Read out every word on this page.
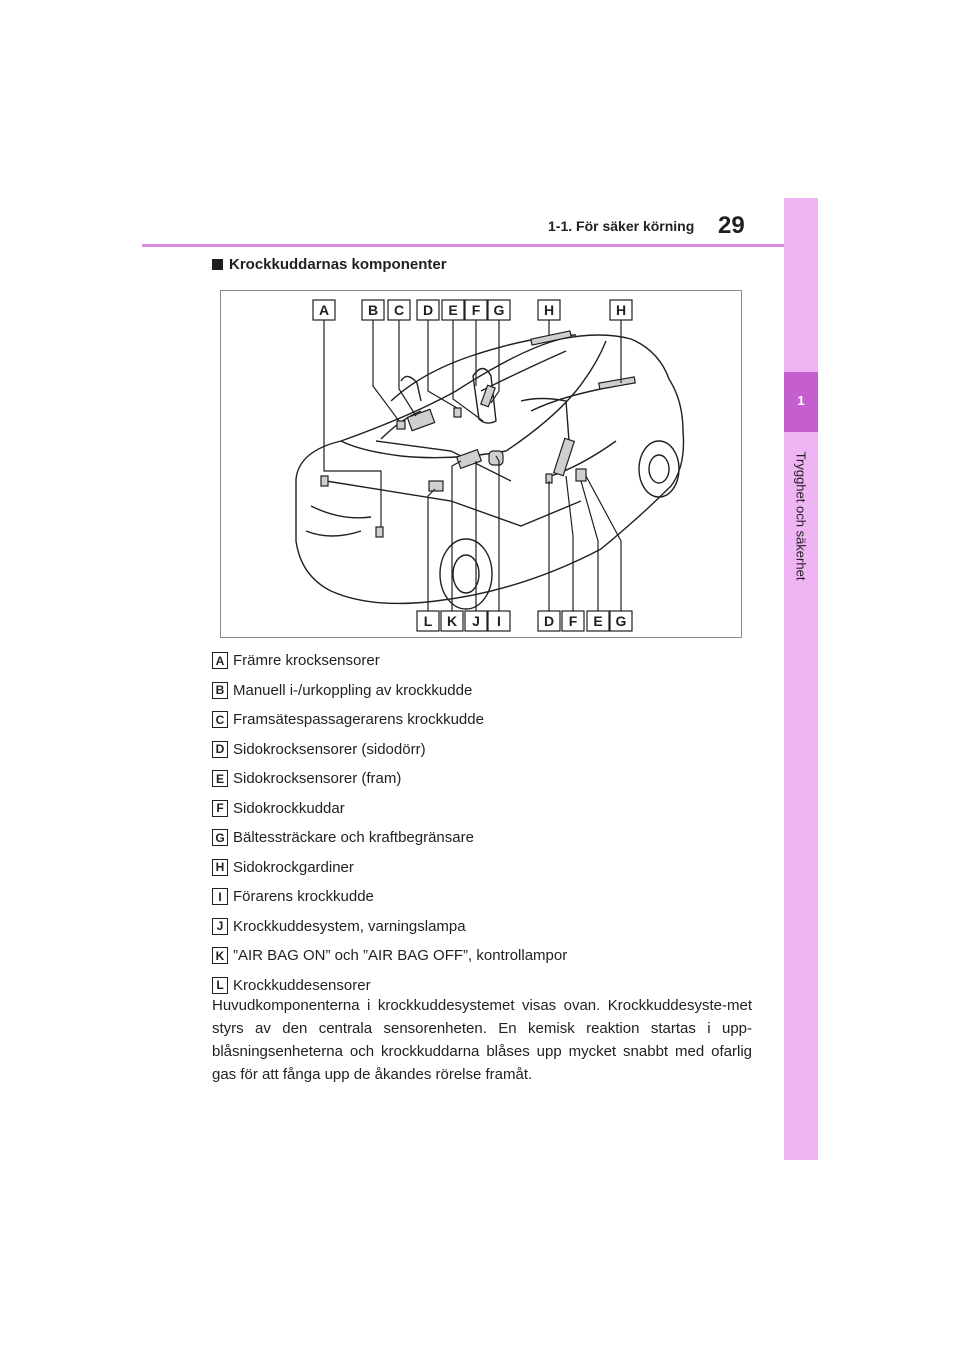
1-1. För säker körning 29
1
Trygghet och säkerhet
Krockkuddarnas komponenter
A	B C D E F G	H	H
L K J I	D F E G
A Främre krocksensorer
B Manuell i-/urkoppling av krockkudde
C Framsätespassagerarens krockkudde
D Sidokrocksensorer (sidodörr)
E Sidokrocksensorer (fram)
F Sidokrockkuddar
G Bältessträckare och kraftbegränsare
H Sidokrockgardiner
I Förarens krockkudde
J Krockkuddesystem, varningslampa
K ”AIR BAG ON” och ”AIR BAG OFF”, kontrollampor
L Krockkuddesensorer
Huvudkomponenterna i krockkuddesystemet visas ovan. Krockkuddesyste-met styrs av den centrala sensorenheten. En kemisk reaktion startas i upp-blåsningsenheterna och krockkuddarna blåses upp mycket snabbt med ofarlig gas för att fånga upp de åkandes rörelse framåt.
